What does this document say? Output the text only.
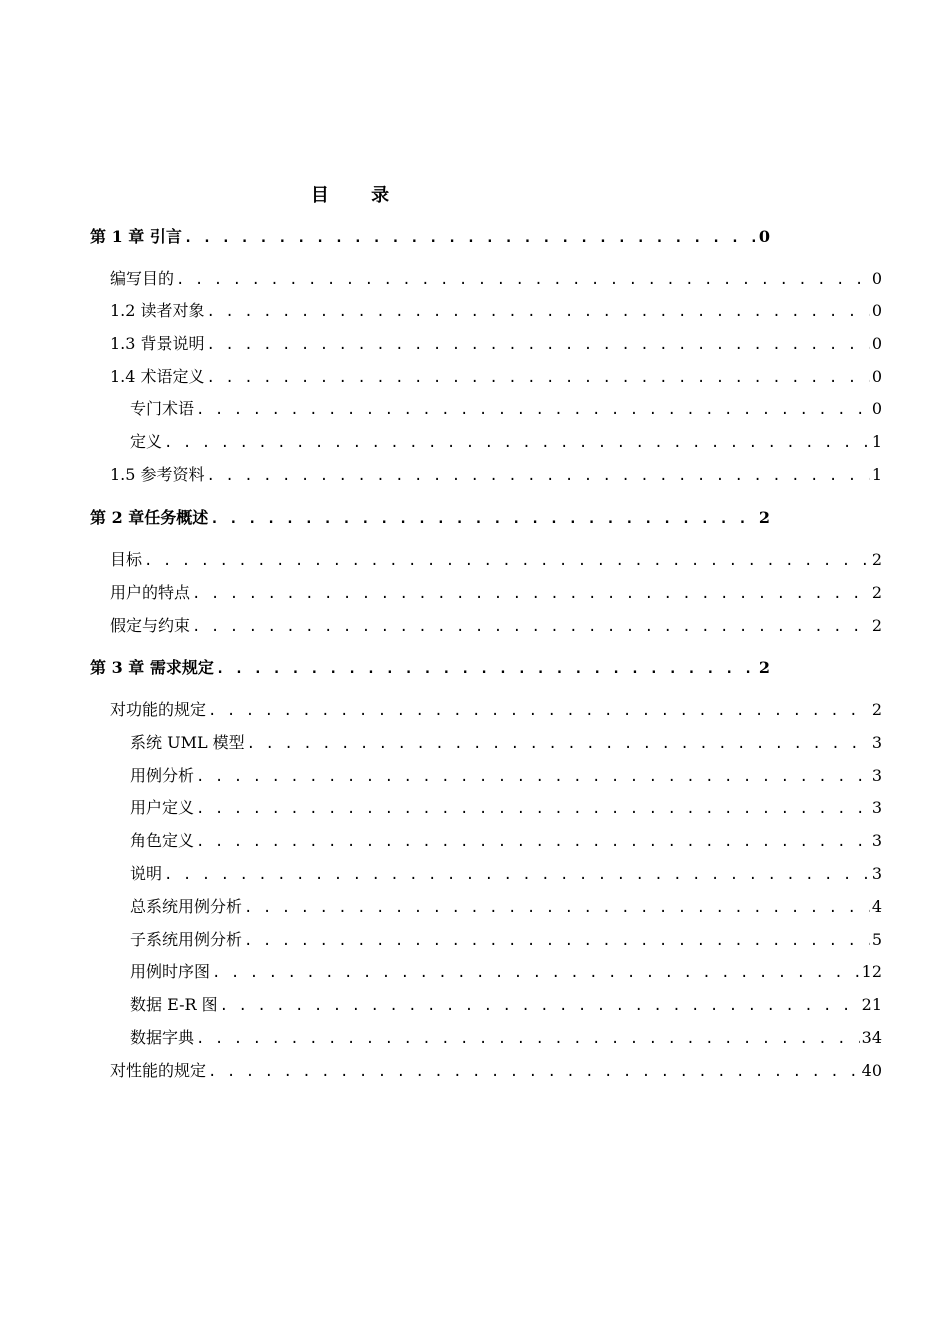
目 录
第 1 章 引言 . . .	0
编写目的 . . .	0
1.2 读者对象 . . .	0
1.3 背景说明 . . .	0
1.4 术语定义 . . .	0
专门术语 . . .	0
定义 . . .	1
1.5 参考资料 . . .	1
第 2 章任务概述 . . .	2
目标 . . .	2
用户的特点 . . .	2
假定与约束 . . .	2
第 3 章 需求规定 . . .	2
对功能的规定 . . .	2
系统 UML 模型 . . .	3
用例分析 . . .	3
用户定义 . . .	3
角色定义 . . .	3
说明 . . .	3
总系统用例分析 . . .	4
子系统用例分析 . . .	5
用例时序图 . . .	12
数据 E-R 图 . . .	21
数据字典 . . .	34
对性能的规定 . . .	40
